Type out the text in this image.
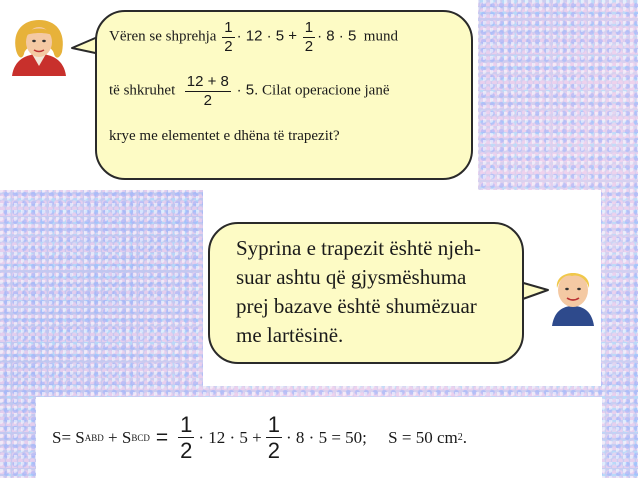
Vëren se shprehja $\frac{1}{2} \cdot 12 \cdot 5 + \frac{1}{2} \cdot 8 \cdot 5$ mund
të shkruhet $\frac{12 + 8}{2} \cdot 5$. Cilat operacione janë
krye me elementet e dhëna të trapezit?
Syprina e trapezit është njeh-
suar ashtu që gjysmëshuma
prej bazave është shumëzuar
me lartësinë.
S= S ABD
+ S BCD = $\frac{1}{2} \cdot 12 \cdot 5 + \frac{1}{2} \cdot 8 \cdot 5 = 50$;
S = 50 cm 2 .
